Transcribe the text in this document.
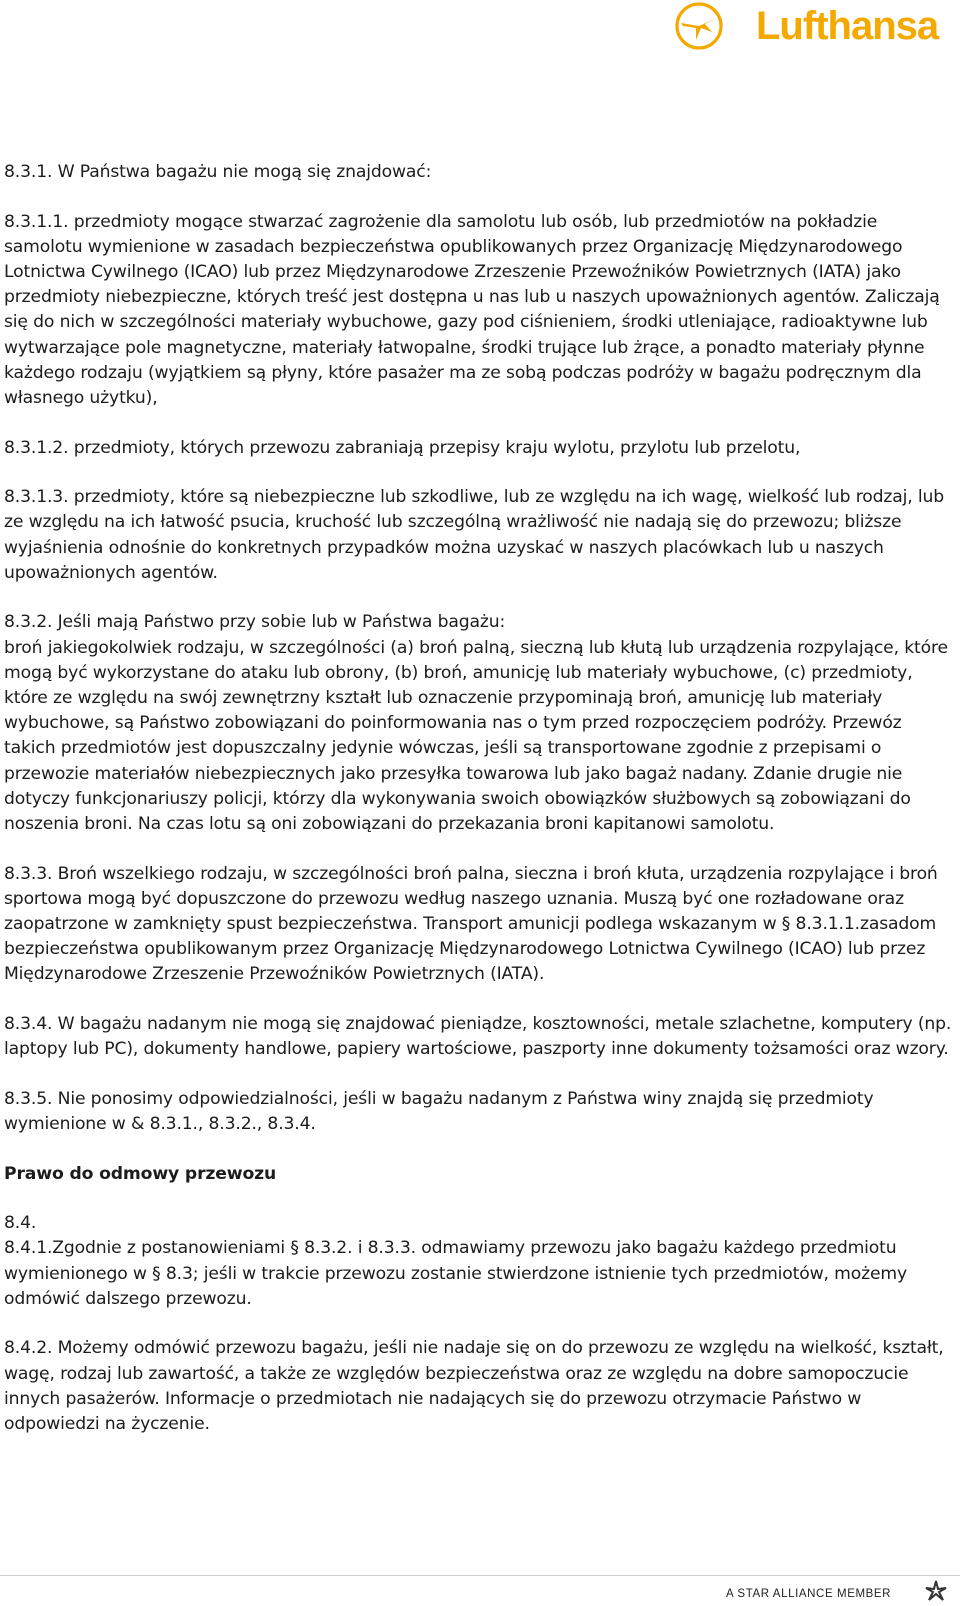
Lufthansa

8.3.1. W Państwa bagażu nie mogą się znajdować:

8.3.1.1. przedmioty mogące stwarzać zagrożenie dla samolotu lub osób, lub przedmiotów na pokładzie samolotu wymienione w zasadach bezpieczeństwa opublikowanych przez Organizację Międzynarodowego Lotnictwa Cywilnego (ICAO) lub przez Międzynarodowe Zrzeszenie Przewoźników Powietrznych (IATA) jako przedmioty niebezpieczne, których treść jest dostępna u nas lub u naszych upoważnionych agentów. Zaliczają się do nich w szczególności materiały wybuchowe, gazy pod ciśnieniem, środki utleniające, radioaktywne lub wytwarzające pole magnetyczne, materiały łatwopalne, środki trujące lub żrące, a ponadto materiały płynne każdego rodzaju (wyjątkiem są płyny, które pasażer ma ze sobą podczas podróży w bagażu podręcznym dla własnego użytku),

8.3.1.2. przedmioty, których przewozu zabraniają przepisy kraju wylotu, przylotu lub przelotu,

8.3.1.3. przedmioty, które są niebezpieczne lub szkodliwe, lub ze względu na ich wagę, wielkość lub rodzaj, lub ze względu na ich łatwość psucia, kruchość lub szczególną wrażliwość nie nadają się do przewozu; bliższe wyjaśnienia odnośnie do konkretnych przypadków można uzyskać w naszych placówkach lub u naszych upoważnionych agentów.

8.3.2. Jeśli mają Państwo przy sobie lub w Państwa bagażu:

broń jakiegokolwiek rodzaju, w szczególności (a) broń palną, sieczną lub kłutą lub urządzenia rozpylające, które mogą być wykorzystane do ataku lub obrony, (b) broń, amunicję lub materiały wybuchowe, (c) przedmioty, które ze względu na swój zewnętrzny kształt lub oznaczenie przypominają broń, amunicję lub materiały wybuchowe, są Państwo zobowiązani do poinformowania nas o tym przed rozpoczęciem podróży. Przewóz takich przedmiotów jest dopuszczalny jedynie wówczas, jeśli są transportowane zgodnie z przepisami o przewozie materiałów niebezpiecznych jako przesyłka towarowa lub jako bagaż nadany. Zdanie drugie nie dotyczy funkcjonariuszy policji, którzy dla wykonywania swoich obowiązków służbowych są zobowiązani do noszenia broni. Na czas lotu są oni zobowiązani do przekazania broni kapitanowi samolotu.

8.3.3. Broń wszelkiego rodzaju, w szczególności broń palna, sieczna i broń kłuta, urządzenia rozpylające i broń sportowa mogą być dopuszczone do przewozu według naszego uznania. Muszą być one rozładowane oraz zaopatrzone w zamknięty spust bezpieczeństwa. Transport amunicji podlega wskazanym w § 8.3.1.1.zasadom bezpieczeństwa opublikowanym przez Organizację Międzynarodowego Lotnictwa Cywilnego (ICAO) lub przez Międzynarodowe Zrzeszenie Przewoźników Powietrznych (IATA).

8.3.4. W bagażu nadanym nie mogą się znajdować pieniądze, kosztowności, metale szlachetne, komputery (np. laptopy lub PC), dokumenty handlowe, papiery wartościowe, paszporty inne dokumenty tożsamości oraz wzory.

8.3.5. Nie ponosimy odpowiedzialności, jeśli w bagażu nadanym z Państwa winy znajdą się przedmioty wymienione w & 8.3.1., 8.3.2., 8.3.4.

Prawo do odmowy przewozu

8.4.

8.4.1.Zgodnie z postanowieniami § 8.3.2. i 8.3.3. odmawiamy przewozu jako bagażu każdego przedmiotu wymienionego w § 8.3; jeśli w trakcie przewozu zostanie stwierdzone istnienie tych przedmiotów, możemy odmówić dalszego przewozu.

8.4.2. Możemy odmówić przewozu bagażu, jeśli nie nadaje się on do przewozu ze względu na wielkość, kształt, wagę, rodzaj lub zawartość, a także ze względów bezpieczeństwa oraz ze względu na dobre samopoczucie innych pasażerów. Informacje o przedmiotach nie nadających się do przewozu otrzymacie Państwo w odpowiedzi na życzenie.

A STAR ALLIANCE MEMBER
